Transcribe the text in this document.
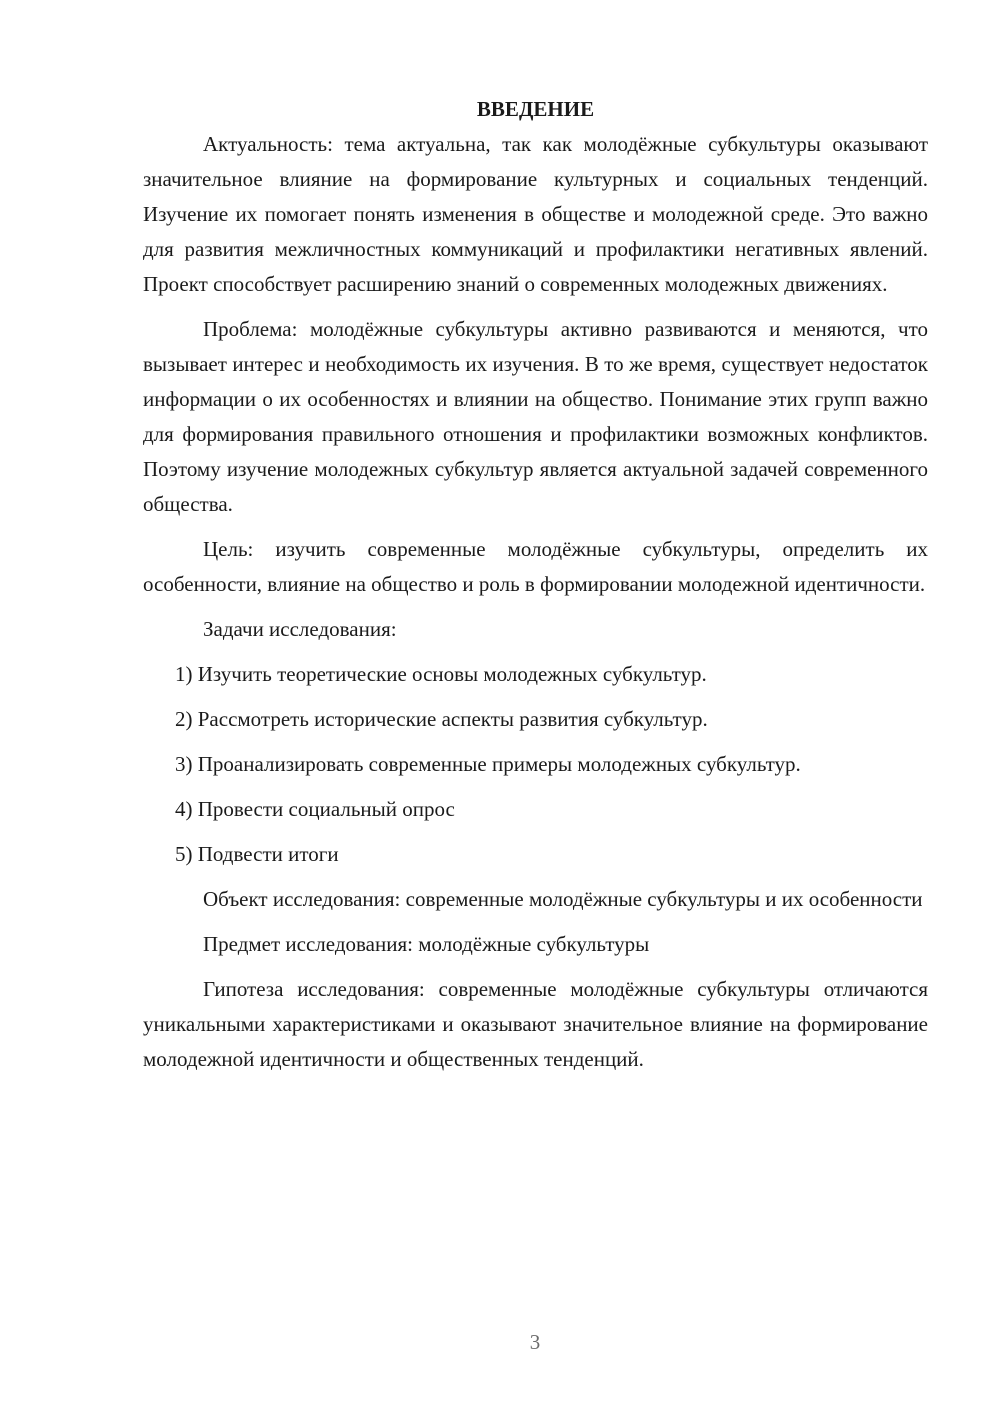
ВВЕДЕНИЕ

Актуальность: тема актуальна, так как молодёжные субкультуры оказывают значительное влияние на формирование культурных и социальных тенденций. Изучение их помогает понять изменения в обществе и молодежной среде. Это важно для развития межличностных коммуникаций и профилактики негативных явлений. Проект способствует расширению знаний о современных молодежных движениях.

Проблема: молодёжные субкультуры активно развиваются и меняются, что вызывает интерес и необходимость их изучения. В то же время, существует недостаток информации о их особенностях и влиянии на общество. Понимание этих групп важно для формирования правильного отношения и профилактики возможных конфликтов. Поэтому изучение молодежных субкультур является актуальной задачей современного общества.

Цель: изучить современные молодёжные субкультуры, определить их особенности, влияние на общество и роль в формировании молодежной идентичности.

Задачи исследования:

1) Изучить теоретические основы молодежных субкультур.
2) Рассмотреть исторические аспекты развития субкультур.
3) Проанализировать современные примеры молодежных субкультур.
4) Провести социальный опрос
5) Подвести итоги

Объект исследования: современные молодёжные субкультуры и их особенности

Предмет исследования: молодёжные субкультуры

Гипотеза исследования: современные молодёжные субкультуры отличаются уникальными характеристиками и оказывают значительное влияние на формирование молодежной идентичности и общественных тенденций.

3
